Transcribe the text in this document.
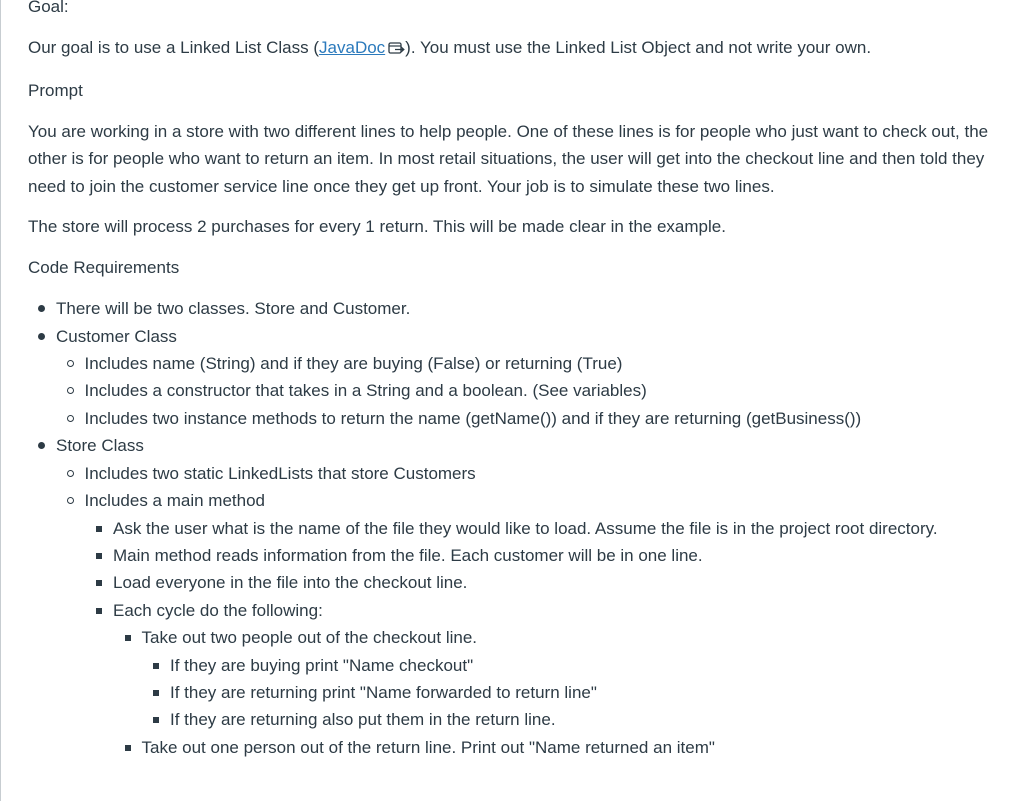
Goal:

Our goal is to use a Linked List Class (JavaDoc ). You must use the Linked List Object and not write your own.

Prompt

You are working in a store with two different lines to help people. One of these lines is for people who just want to check out, the other is for people who want to return an item. In most retail situations, the user will get into the checkout line and then told they need to join the customer service line once they get up front. Your job is to simulate these two lines.

The store will process 2 purchases for every 1 return. This will be made clear in the example.

Code Requirements

There will be two classes. Store and Customer.
Customer Class
Includes name (String) and if they are buying (False) or returning (True)
Includes a constructor that takes in a String and a boolean. (See variables)
Includes two instance methods to return the name (getName()) and if they are returning (getBusiness())
Store Class
Includes two static LinkedLists that store Customers
Includes a main method
Ask the user what is the name of the file they would like to load. Assume the file is in the project root directory.
Main method reads information from the file. Each customer will be in one line.
Load everyone in the file into the checkout line.
Each cycle do the following:
Take out two people out of the checkout line.
If they are buying print "Name checkout"
If they are returning print "Name forwarded to return line"
If they are returning also put them in the return line.
Take out one person out of the return line. Print out "Name returned an item"
